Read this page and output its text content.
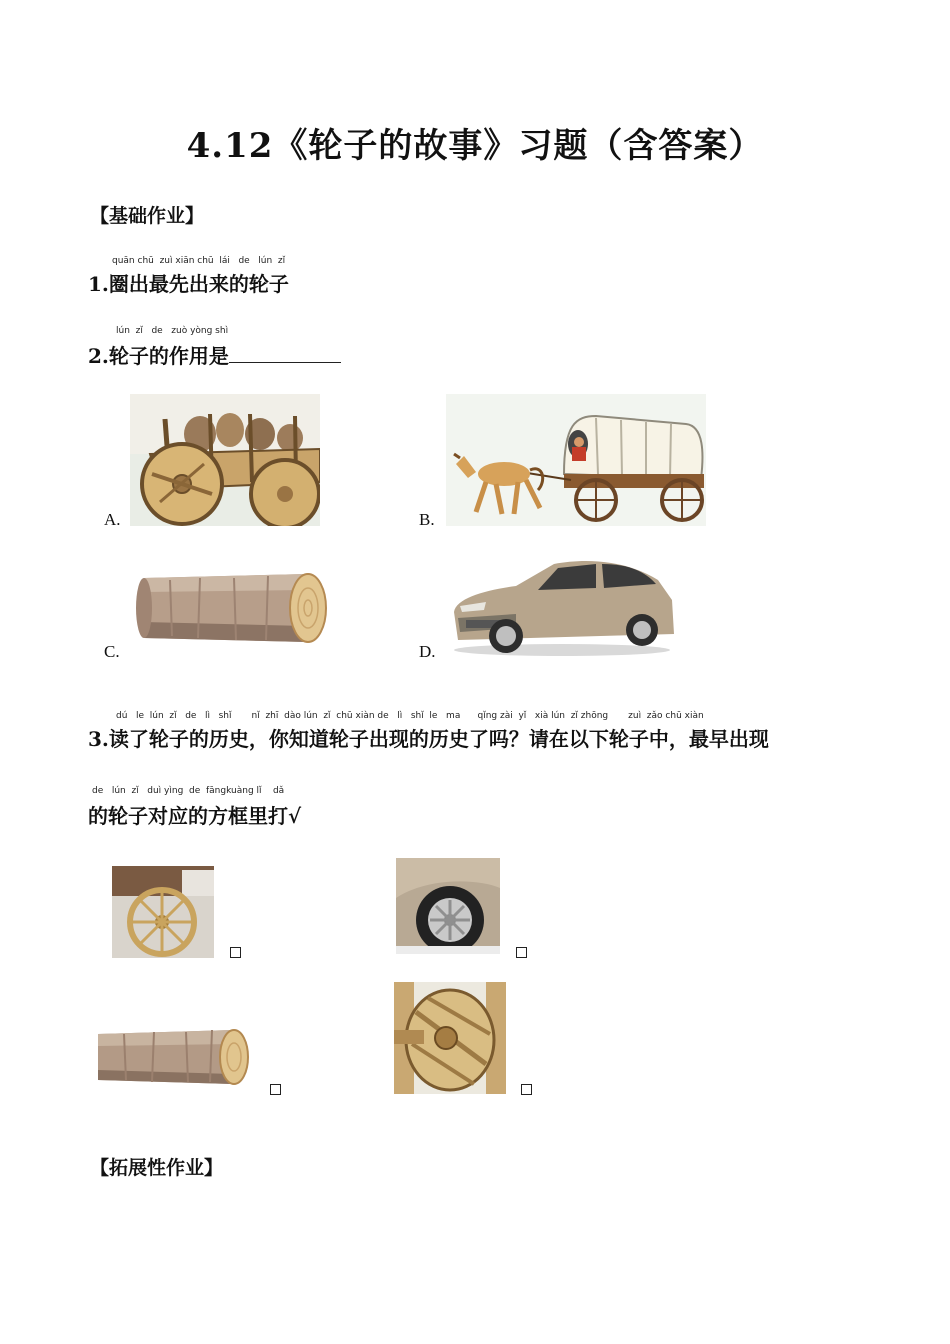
4.12《轮子的故事》习题（含答案）
【基础作业】
quān chū  zuì xiān chū  lái   de   lún  zǐ
1.圈出最先出来的轮子
lún  zǐ   de   zuò yòng shì
2.轮子的作用是
A.	B.
C.	D.
dú   le  lún  zǐ   de   lì   shǐ       nǐ  zhī  dào lún  zǐ  chū xiàn de   lì   shǐ  le   ma      qǐng zài  yǐ   xià lún  zǐ zhōng       zuì  zǎo chū xiàn
3.读了轮子的历史，你知道轮子出现的历史了吗？请在以下轮子中，最早出现
de   lún  zǐ   duì yìng  de  fāngkuàng lǐ    dǎ
的轮子对应的方框里打√
【拓展性作业】
